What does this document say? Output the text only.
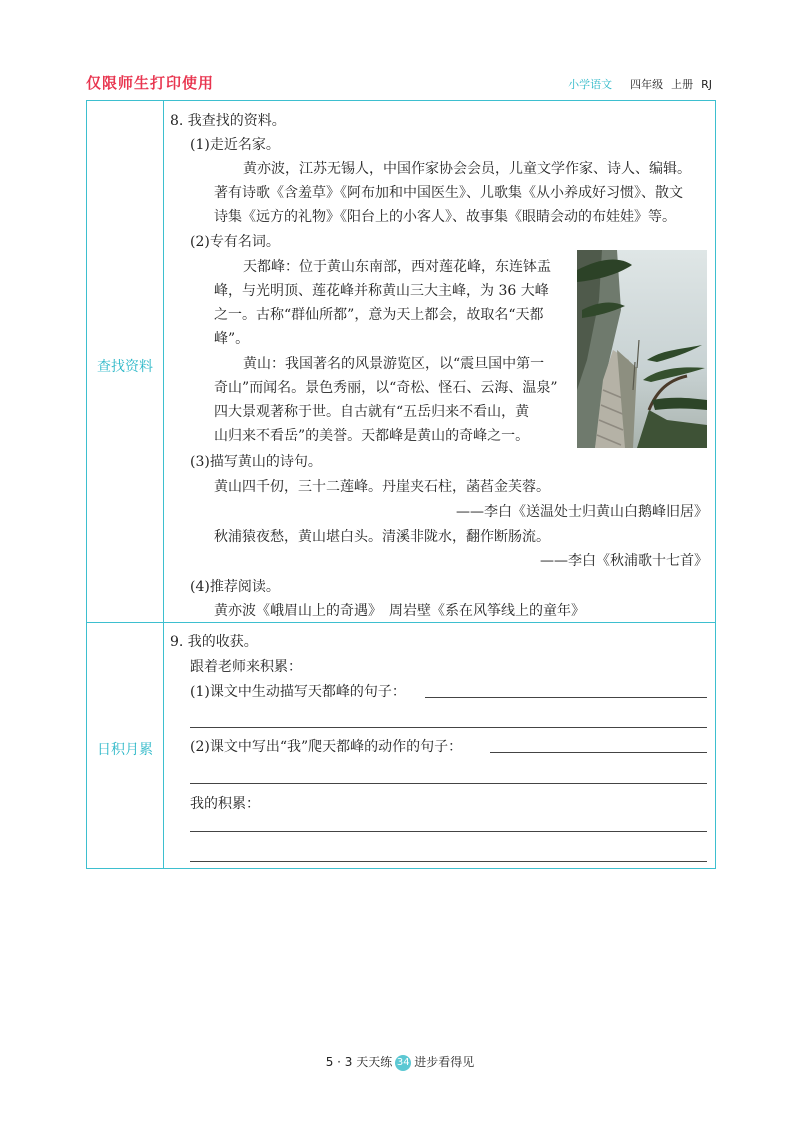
仅限师生打印使用	小学语文 四年级 上册 RJ
查找资料
日积月累
8. 我查找的资料。
(1)走近名家。
黄亦波，江苏无锡人，中国作家协会会员，儿童文学作家、诗人、编辑。
著有诗歌《含羞草》《阿布加和中国医生》、儿歌集《从小养成好习惯》、散文
诗集《远方的礼物》《阳台上的小客人》、故事集《眼睛会动的布娃娃》等。
(2)专有名词。
天都峰：位于黄山东南部，西对莲花峰，东连钵盂
峰，与光明顶、莲花峰并称黄山三大主峰，为 36 大峰
之一。古称“群仙所都”，意为天上都会，故取名“天都
峰”。
黄山：我国著名的风景游览区，以“震旦国中第一
奇山”而闻名。景色秀丽，以“奇松、怪石、云海、温泉”
四大景观著称于世。自古就有“五岳归来不看山，黄
山归来不看岳”的美誉。天都峰是黄山的奇峰之一。
(3)描写黄山的诗句。
黄山四千仞，三十二莲峰。丹崖夹石柱，菡萏金芙蓉。
——李白《送温处士归黄山白鹅峰旧居》
秋浦猿夜愁，黄山堪白头。清溪非陇水，翻作断肠流。
——李白《秋浦歌十七首》
(4)推荐阅读。
黄亦波《峨眉山上的奇遇》　周岩壁《系在风筝线上的童年》
9. 我的收获。
跟着老师来积累：
(1)课文中生动描写天都峰的句子：
(2)课文中写出“我”爬天都峰的动作的句子：
我的积累：
5 · 3 天天练 34 进步看得见
